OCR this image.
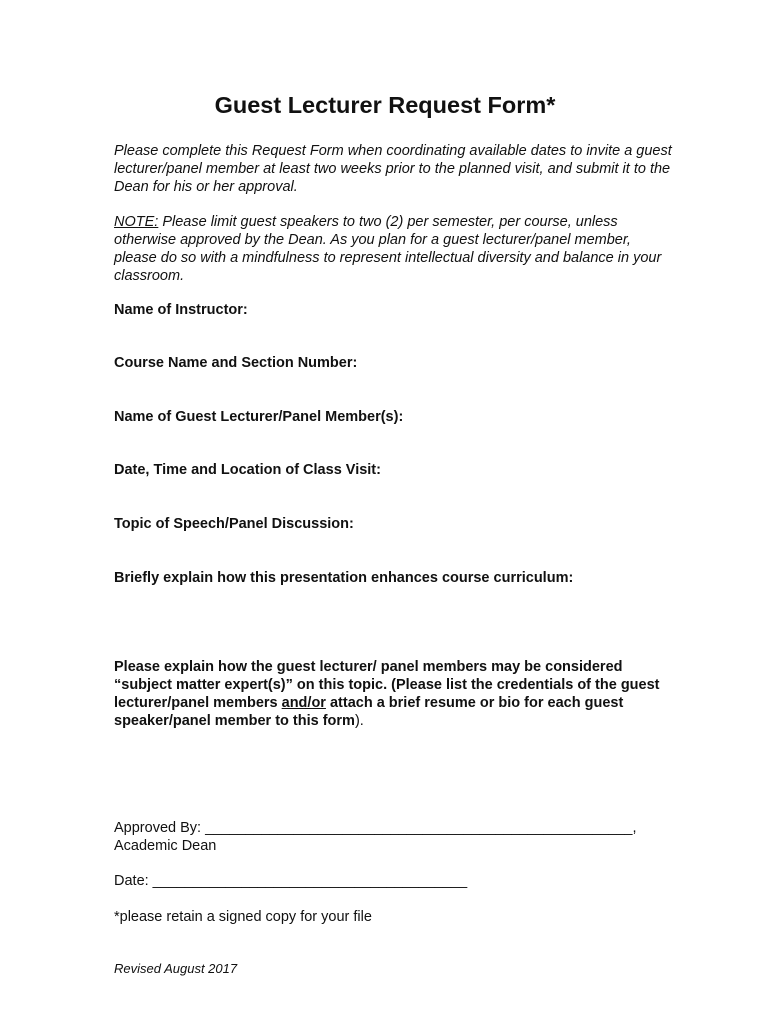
Guest Lecturer Request Form*

Please complete this Request Form when coordinating available dates to invite a guest lecturer/panel member at least two weeks prior to the planned visit, and submit it to the Dean for his or her approval.

NOTE: Please limit guest speakers to two (2) per semester, per course, unless otherwise approved by the Dean. As you plan for a guest lecturer/panel member, please do so with a mindfulness to represent intellectual diversity and balance in your classroom.

Name of Instructor:

Course Name and Section Number:

Name of Guest Lecturer/Panel Member(s):

Date, Time and Location of Class Visit:

Topic of Speech/Panel Discussion:

Briefly explain how this presentation enhances course curriculum:

Please explain how the guest lecturer/ panel members may be considered “subject matter expert(s)” on this topic. (Please list the credentials of the guest lecturer/panel members and/or attach a brief resume or bio for each guest speaker/panel member to this form).

Approved By: _____________________________________________________,

Academic Dean

Date: _______________________________________

*please retain a signed copy for your file

Revised August 2017
